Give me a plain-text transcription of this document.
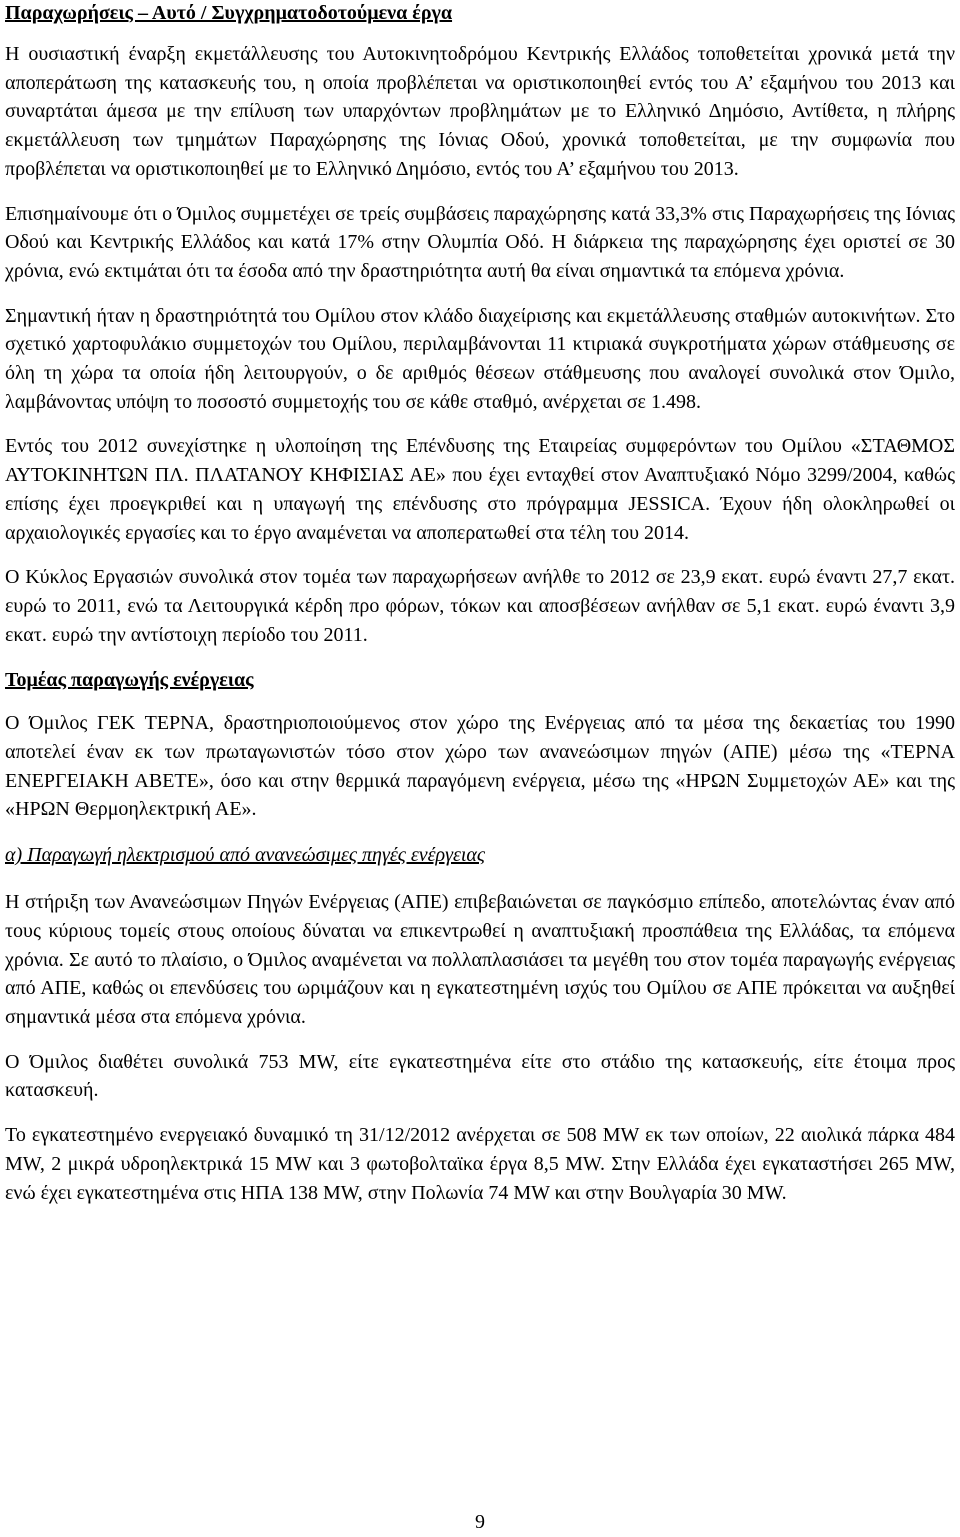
Παραχωρήσεις – Αυτό / Συγχρηματοδοτούμενα έργα

Η ουσιαστική έναρξη εκμετάλλευσης του Αυτοκινητοδρόμου Κεντρικής Ελλάδος τοποθετείται χρονικά μετά την αποπεράτωση της κατασκευής του, η οποία προβλέπεται να οριστικοποιηθεί εντός του Α’ εξαμήνου του 2013 και συναρτάται άμεσα με την επίλυση των υπαρχόντων προβλημάτων με το Ελληνικό Δημόσιο, Αντίθετα, η πλήρης εκμετάλλευση των τμημάτων Παραχώρησης της Ιόνιας Οδού, χρονικά τοποθετείται, με την συμφωνία που προβλέπεται να οριστικοποιηθεί με το Ελληνικό Δημόσιο, εντός του Α’ εξαμήνου του 2013.

Επισημαίνουμε ότι ο Όμιλος συμμετέχει σε τρείς συμβάσεις παραχώρησης κατά 33,3% στις Παραχωρήσεις της Ιόνιας Οδού και Κεντρικής Ελλάδος και κατά 17% στην Ολυμπία Οδό. Η διάρκεια της παραχώρησης έχει οριστεί σε 30 χρόνια, ενώ εκτιμάται ότι τα έσοδα από την δραστηριότητα αυτή θα είναι σημαντικά τα επόμενα χρόνια.

Σημαντική ήταν η δραστηριότητά του Ομίλου στον κλάδο διαχείρισης και εκμετάλλευσης σταθμών αυτοκινήτων. Στο σχετικό χαρτοφυλάκιο συμμετοχών του Ομίλου, περιλαμβάνονται 11 κτιριακά συγκροτήματα χώρων στάθμευσης σε όλη τη χώρα τα οποία ήδη λειτουργούν, ο δε αριθμός θέσεων στάθμευσης που αναλογεί συνολικά στον Όμιλο, λαμβάνοντας υπόψη το ποσοστό συμμετοχής του σε κάθε σταθμό, ανέρχεται σε 1.498.

Εντός του 2012 συνεχίστηκε η υλοποίηση της Επένδυσης της Εταιρείας συμφερόντων του Ομίλου «ΣΤΑΘΜΟΣ ΑΥΤΟΚΙΝΗΤΩΝ ΠΛ. ΠΛΑΤΑΝΟΥ ΚΗΦΙΣΙΑΣ ΑΕ» που έχει ενταχθεί στον Αναπτυξιακό Νόμο 3299/2004, καθώς επίσης έχει προεγκριθεί και η υπαγωγή της επένδυσης στο πρόγραμμα JESSICA. Έχουν ήδη ολοκληρωθεί οι αρχαιολογικές εργασίες και το έργο αναμένεται να αποπερατωθεί στα τέλη του 2014.

Ο Κύκλος Εργασιών συνολικά στον τομέα των παραχωρήσεων ανήλθε το 2012 σε 23,9 εκατ. ευρώ έναντι 27,7 εκατ. ευρώ το 2011, ενώ τα Λειτουργικά κέρδη προ φόρων, τόκων και αποσβέσεων ανήλθαν σε 5,1 εκατ. ευρώ έναντι 3,9 εκατ. ευρώ την αντίστοιχη περίοδο του 2011.

Τομέας παραγωγής ενέργειας

Ο Όμιλος ΓΕΚ ΤΕΡΝΑ, δραστηριοποιούμενος στον χώρο της Ενέργειας από τα μέσα της δεκαετίας του 1990 αποτελεί έναν εκ των πρωταγωνιστών τόσο στον χώρο των ανανεώσιμων πηγών (ΑΠΕ) μέσω της «ΤΕΡΝΑ ΕΝΕΡΓΕΙΑΚΗ ΑΒΕΤΕ», όσο και στην θερμικά παραγόμενη ενέργεια, μέσω της «ΗΡΩΝ Συμμετοχών ΑΕ» και της «ΗΡΩΝ Θερμοηλεκτρική ΑΕ».

α) Παραγωγή ηλεκτρισμού από ανανεώσιμες πηγές ενέργειας

Η στήριξη των Ανανεώσιμων Πηγών Ενέργειας (ΑΠΕ) επιβεβαιώνεται σε παγκόσμιο επίπεδο, αποτελώντας έναν από τους κύριους τομείς στους οποίους δύναται να επικεντρωθεί η αναπτυξιακή προσπάθεια της Ελλάδας, τα επόμενα χρόνια. Σε αυτό το πλαίσιο, ο Όμιλος αναμένεται να πολλαπλασιάσει τα μεγέθη του στον τομέα παραγωγής ενέργειας από ΑΠΕ, καθώς οι επενδύσεις του ωριμάζουν και η εγκατεστημένη ισχύς του Ομίλου σε ΑΠΕ πρόκειται να αυξηθεί σημαντικά μέσα στα επόμενα χρόνια.

Ο Όμιλος διαθέτει συνολικά 753 MW, είτε εγκατεστημένα είτε στο στάδιο της κατασκευής, είτε έτοιμα προς κατασκευή.

Το εγκατεστημένο ενεργειακό δυναμικό τη 31/12/2012 ανέρχεται σε 508 MW εκ των οποίων, 22 αιολικά πάρκα 484 MW, 2 μικρά υδροηλεκτρικά 15 MW και 3 φωτοβολταϊκα έργα 8,5 MW. Στην Ελλάδα έχει εγκαταστήσει 265 MW, ενώ έχει εγκατεστημένα στις ΗΠΑ 138 MW, στην Πολωνία 74 MW και στην Βουλγαρία 30 MW.

9
